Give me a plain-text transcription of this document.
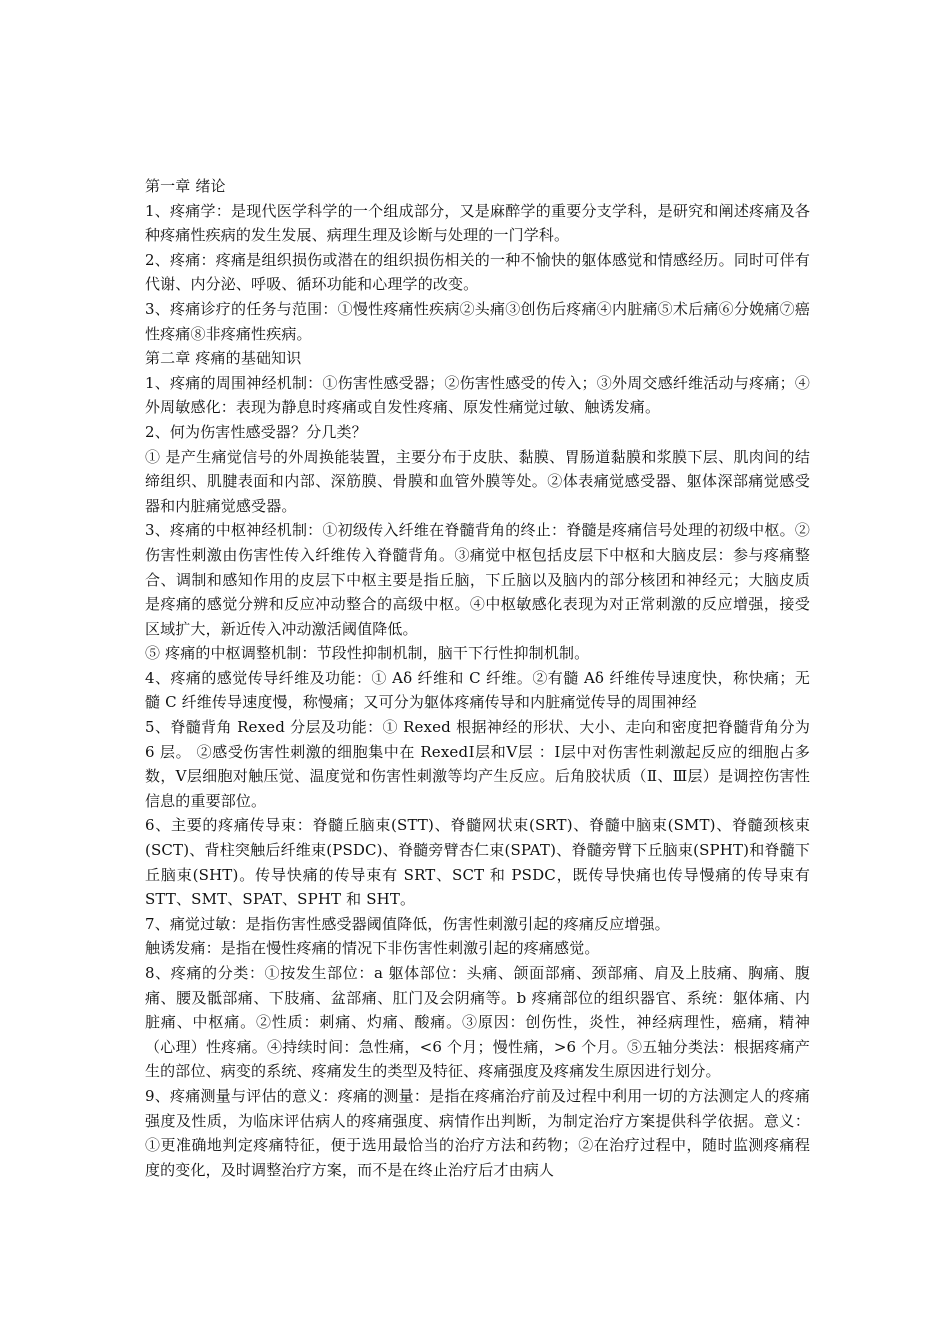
第一章 绪论

1、疼痛学：是现代医学科学的一个组成部分，又是麻醉学的重要分支学科，是研究和阐述疼痛及各种疼痛性疾病的发生发展、病理生理及诊断与处理的一门学科。

2、疼痛：疼痛是组织损伤或潜在的组织损伤相关的一种不愉快的躯体感觉和情感经历。同时可伴有代谢、内分泌、呼吸、循环功能和心理学的改变。

3、疼痛诊疗的任务与范围：①慢性疼痛性疾病②头痛③创伤后疼痛④内脏痛⑤术后痛⑥分娩痛⑦癌性疼痛⑧非疼痛性疾病。

第二章 疼痛的基础知识

1、疼痛的周围神经机制：①伤害性感受器；②伤害性感受的传入；③外周交感纤维活动与疼痛；④外周敏感化：表现为静息时疼痛或自发性疼痛、原发性痛觉过敏、触诱发痛。

2、何为伤害性感受器？分几类？

① 是产生痛觉信号的外周换能装置，主要分布于皮肤、黏膜、胃肠道黏膜和浆膜下层、肌肉间的结缔组织、肌腱表面和内部、深筋膜、骨膜和血管外膜等处。②体表痛觉感受器、躯体深部痛觉感受器和内脏痛觉感受器。

3、疼痛的中枢神经机制：①初级传入纤维在脊髓背角的终止：脊髓是疼痛信号处理的初级中枢。②伤害性刺激由伤害性传入纤维传入脊髓背角。③痛觉中枢包括皮层下中枢和大脑皮层：参与疼痛整合、调制和感知作用的皮层下中枢主要是指丘脑，下丘脑以及脑内的部分核团和神经元；大脑皮质是疼痛的感觉分辨和反应冲动整合的高级中枢。④中枢敏感化表现为对正常刺激的反应增强，接受区域扩大，新近传入冲动激活阈值降低。

⑤ 疼痛的中枢调整机制：节段性抑制机制，脑干下行性抑制机制。

4、疼痛的感觉传导纤维及功能：① Aδ 纤维和 C 纤维。②有髓 Aδ 纤维传导速度快，称快痛；无髓 C 纤维传导速度慢，称慢痛；又可分为躯体疼痛传导和内脏痛觉传导的周围神经

5、脊髓背角 Rexed 分层及功能：① Rexed 根据神经的形状、大小、走向和密度把脊髓背角分为 6 层。 ②感受伤害性刺激的细胞集中在 RexedⅠ层和Ⅴ层 ：Ⅰ层中对伤害性刺激起反应的细胞占多数，Ⅴ层细胞对触压觉、温度觉和伤害性刺激等均产生反应。后角胶状质（Ⅱ、Ⅲ层）是调控伤害性信息的重要部位。

6、主要的疼痛传导束：脊髓丘脑束(STT)、脊髓网状束(SRT)、脊髓中脑束(SMT)、脊髓颈核束(SCT)、背柱突触后纤维束(PSDC)、脊髓旁臂杏仁束(SPAT)、脊髓旁臂下丘脑束(SPHT)和脊髓下丘脑束(SHT)。传导快痛的传导束有 SRT、SCT 和 PSDC，既传导快痛也传导慢痛的传导束有 STT、SMT、SPAT、SPHT 和 SHT。

7、痛觉过敏：是指伤害性感受器阈值降低，伤害性刺激引起的疼痛反应增强。

触诱发痛：是指在慢性疼痛的情况下非伤害性刺激引起的疼痛感觉。

8、疼痛的分类：①按发生部位：a 躯体部位：头痛、颌面部痛、颈部痛、肩及上肢痛、胸痛、腹痛、腰及骶部痛、下肢痛、盆部痛、肛门及会阴痛等。b 疼痛部位的组织器官、系统：躯体痛、内脏痛、中枢痛。②性质：刺痛、灼痛、酸痛。③原因：创伤性，炎性，神经病理性，癌痛，精神（心理）性疼痛。④持续时间：急性痛，<6 个月；慢性痛，>6 个月。⑤五轴分类法：根据疼痛产生的部位、病变的系统、疼痛发生的类型及特征、疼痛强度及疼痛发生原因进行划分。

9、疼痛测量与评估的意义：疼痛的测量：是指在疼痛治疗前及过程中利用一切的方法测定人的疼痛强度及性质，为临床评估病人的疼痛强度、病情作出判断，为制定治疗方案提供科学依据。意义：①更准确地判定疼痛特征，便于选用最恰当的治疗方法和药物；②在治疗过程中，随时监测疼痛程度的变化，及时调整治疗方案，而不是在终止治疗后才由病人
